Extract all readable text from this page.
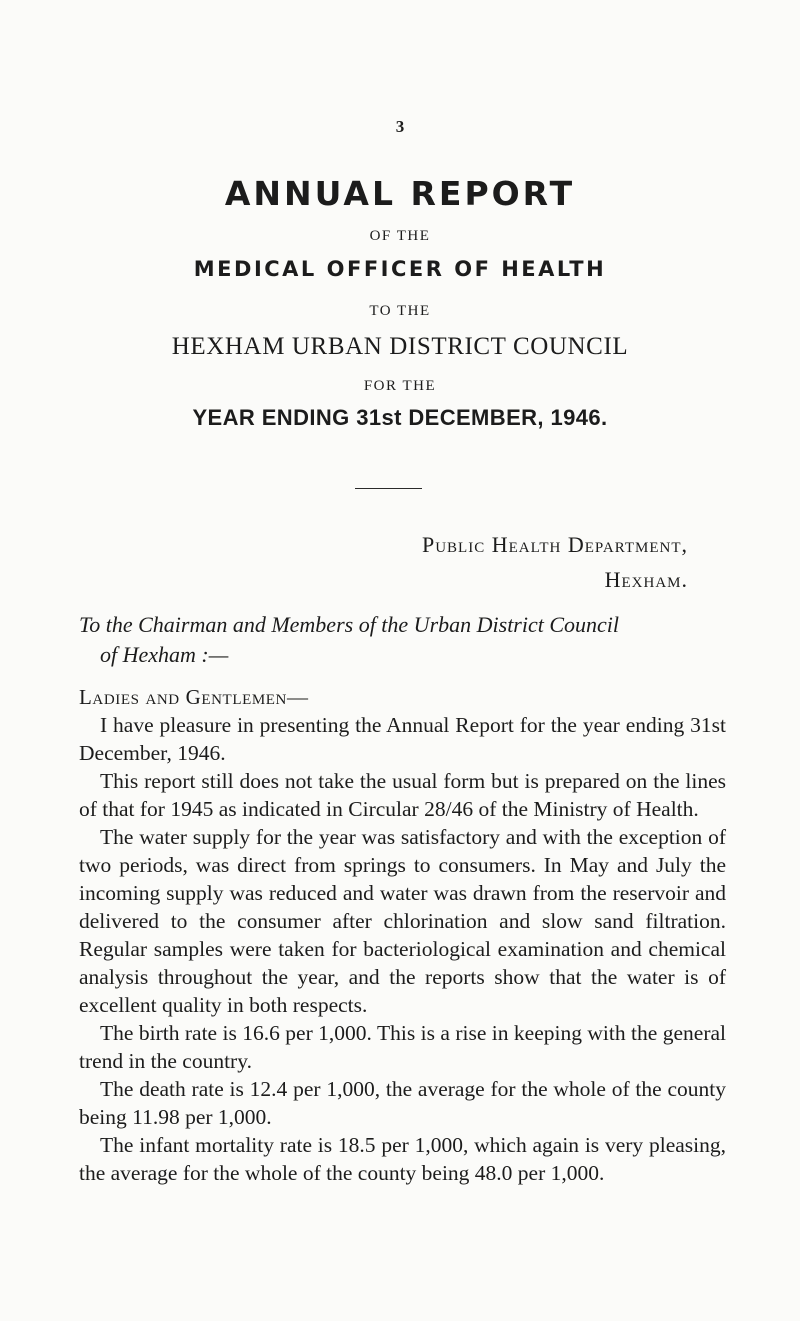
3
ANNUAL REPORT
OF THE
MEDICAL OFFICER OF HEALTH
TO THE
HEXHAM URBAN DISTRICT COUNCIL
FOR THE
YEAR ENDING 31st DECEMBER, 1946.
Public Health Department,
Hexham.
To the Chairman and Members of the Urban District Council
of Hexham :—
Ladies and Gentlemen—

I have pleasure in presenting the Annual Report for the year ending 31st December, 1946.

This report still does not take the usual form but is prepared on the lines of that for 1945 as indicated in Circular 28/46 of the Ministry of Health.

The water supply for the year was satisfactory and with the exception of two periods, was direct from springs to consumers. In May and July the incoming supply was reduced and water was drawn from the reservoir and delivered to the consumer after chlorination and slow sand filtration. Regular samples were taken for bacteriological examination and chemical analysis throughout the year, and the reports show that the water is of excellent quality in both respects.

The birth rate is 16.6 per 1,000. This is a rise in keeping with the general trend in the country.

The death rate is 12.4 per 1,000, the average for the whole of the county being 11.98 per 1,000.

The infant mortality rate is 18.5 per 1,000, which again is very pleasing, the average for the whole of the county being 48.0 per 1,000.
